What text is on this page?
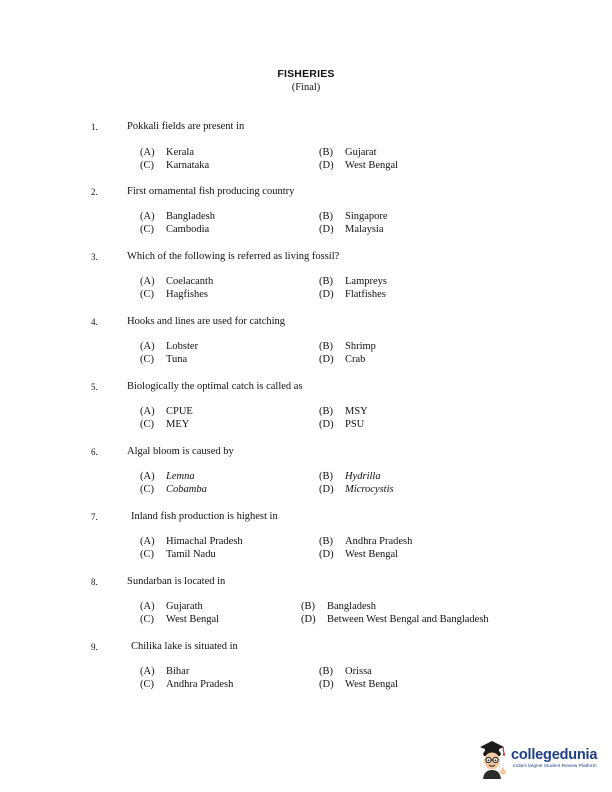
FISHERIES
(Final)
1.	Pokkali fields are present in
(A) Kerala	(B) Gujarat
(C) Karnataka	(D) West Bengal
2.	First ornamental fish producing country
(A) Bangladesh	(B) Singapore
(C) Cambodia	(D) Malaysia
3.	Which of the following is referred as living fossil?
(A) Coelacanth	(B) Lampreys
(C) Hagfishes	(D) Flatfishes
4.	Hooks and lines are used for catching
(A) Lobster	(B) Shrimp
(C) Tuna	(D) Crab
5.	Biologically the optimal catch is called as
(A) CPUE	(B) MSY
(C) MEY	(D) PSU
6.	Algal bloom is caused by
(A) Lemna	(B) Hydrilla
(C) Cobamba	(D) Microcystis
7.	Inland fish production is highest in
(A) Himachal Pradesh	(B) Andhra Pradesh
(C) Tamil Nadu	(D) West Bengal
8.	Sundarban is located in
(A) Gujarath	(B) Bangladesh
(C) West Bengal	(D) Between West Bengal and Bangladesh
9.	Chilika lake is situated in
(A) Bihar	(B) Orissa
(C) Andhra Pradesh	(D) West Bengal
collegedunia
India's largest Student Review Platform
